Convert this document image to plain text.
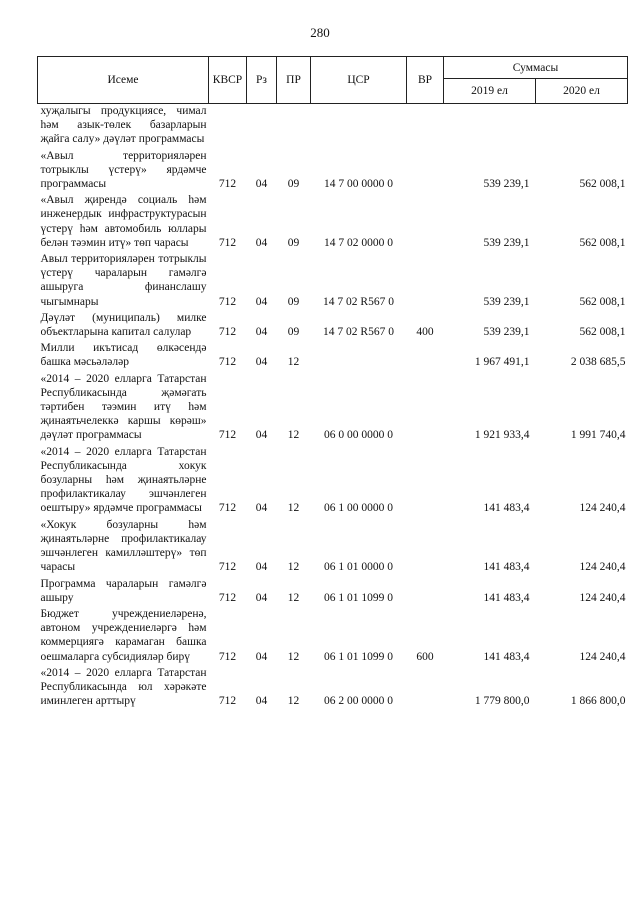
280
Исеме	КВСР	Рз	ПР	ЦСР	ВР	Суммасы	
						2019 ел	2020 ел
хуҗалыгы продукциясе, чимал һәм азык-төлек базарларын җайга салу» дәүләт программасы							
«Авыл территорияләрен тотрыклы үстерү» ярдәмче программасы	712	04	09	14 7 00 0000 0		539 239,1	562 008,1
«Авыл җирендә социаль һәм инженердык инфраструктурасын үстерү һәм автомобиль юллары белән тәэмин итү» төп чарасы	712	04	09	14 7 02 0000 0		539 239,1	562 008,1
Авыл территорияләрен тотрыклы үстерү чараларын гамәлгә ашыруга финанслашу чыгымнары	712	04	09	14 7 02 R567 0		539 239,1	562 008,1
Дәүләт (муниципаль) милке объектларына капитал салулар	712	04	09	14 7 02 R567 0	400	539 239,1	562 008,1
Милли икътисад өлкәсендә башка мәсьәләләр	712	04	12			1 967 491,1	2 038 685,5
«2014 – 2020 елларга Татарстан Республикасында җәмәгать тәртибен тәэмин итү һәм җинаятьчелеккә каршы көрәш» дәүләт программасы	712	04	12	06 0 00 0000 0		1 921 933,4	1 991 740,4
«2014 – 2020 елларга Татарстан Республикасында хокук бозуларны һәм җинаятьләрне профилактикалау эшчәнлеген оештыру» ярдәмче программасы	712	04	12	06 1 00 0000 0		141 483,4	124 240,4
«Хокук бозуларны һәм җинаятьләрне профилактикалау эшчәнлеген камилләштерү» төп чарасы	712	04	12	06 1 01 0000 0		141 483,4	124 240,4
Программа чараларын гамәлгә ашыру	712	04	12	06 1 01 1099 0		141 483,4	124 240,4
Бюджет учреждениеләренә, автоном учреждениеләргә һәм коммерциягә карамаган башка оешмаларга субсидияләр бирү	712	04	12	06 1 01 1099 0	600	141 483,4	124 240,4
«2014 – 2020 елларга Татарстан Республикасында юл хәрәкәте иминлеген арттырү	712	04	12	06 2 00 0000 0		1 779 800,0	1 866 800,0
